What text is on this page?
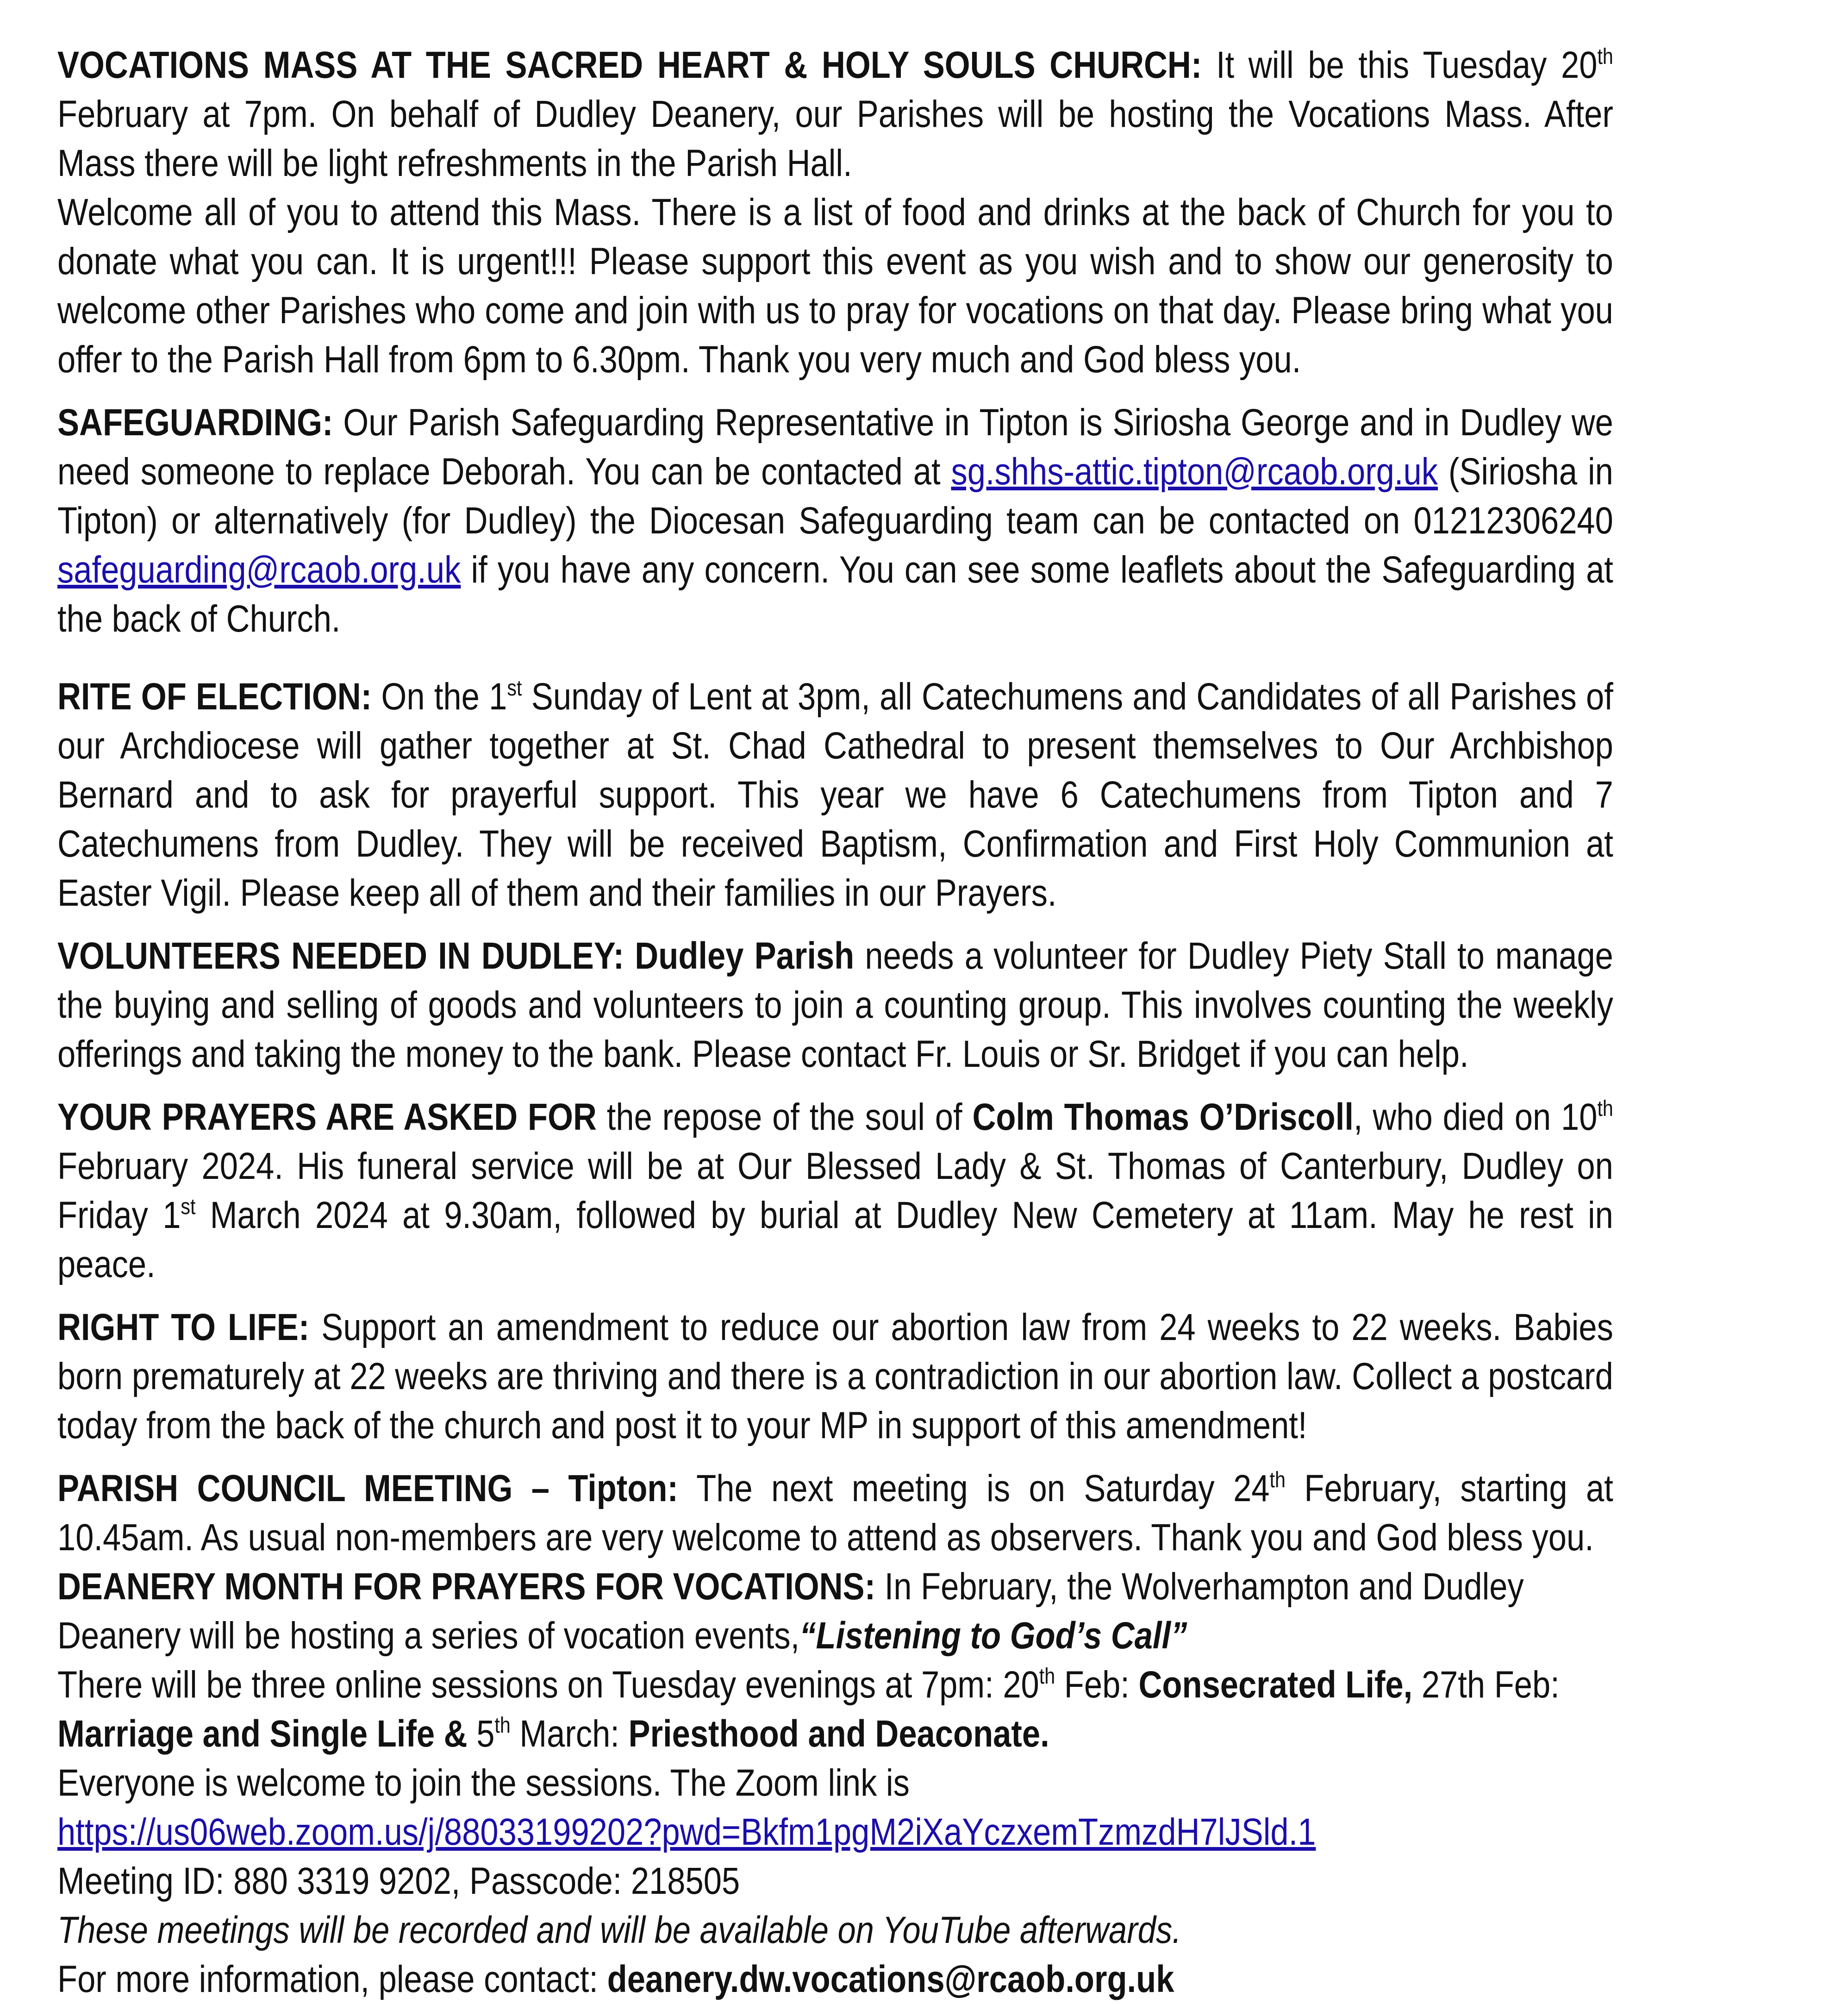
VOCATIONS MASS AT THE SACRED HEART & HOLY SOULS CHURCH: It will be this Tuesday 20th February at 7pm. On behalf of Dudley Deanery, our Parishes will be hosting the Vocations Mass. After Mass there will be light refreshments in the Parish Hall.

Welcome all of you to attend this Mass. There is a list of food and drinks at the back of Church for you to donate what you can. It is urgent!!! Please support this event as you wish and to show our generosity to welcome other Parishes who come and join with us to pray for vocations on that day. Please bring what you offer to the Parish Hall from 6pm to 6.30pm. Thank you very much and God bless you.

SAFEGUARDING: Our Parish Safeguarding Representative in Tipton is Siriosha George and in Dudley we need someone to replace Deborah. You can be contacted at sg.shhs-attic.tipton@rcaob.org.uk (Siriosha in Tipton) or alternatively (for Dudley) the Diocesan Safeguarding team can be contacted on 01212306240 safeguarding@rcaob.org.uk if you have any concern. You can see some leaflets about the Safeguarding at the back of Church.

RITE OF ELECTION: On the 1st Sunday of Lent at 3pm, all Catechumens and Candidates of all Parishes of our Archdiocese will gather together at St. Chad Cathedral to present themselves to Our Archbishop Bernard and to ask for prayerful support. This year we have 6 Catechumens from Tipton and 7 Catechumens from Dudley. They will be received Baptism, Confirmation and First Holy Communion at Easter Vigil. Please keep all of them and their families in our Prayers.

VOLUNTEERS NEEDED IN DUDLEY: Dudley Parish needs a volunteer for Dudley Piety Stall to manage the buying and selling of goods and volunteers to join a counting group. This involves counting the weekly offerings and taking the money to the bank. Please contact Fr. Louis or Sr. Bridget if you can help.

YOUR PRAYERS ARE ASKED FOR the repose of the soul of Colm Thomas O’Driscoll, who died on 10th February 2024. His funeral service will be at Our Blessed Lady & St. Thomas of Canterbury, Dudley on Friday 1st March 2024 at 9.30am, followed by burial at Dudley New Cemetery at 11am. May he rest in peace.

RIGHT TO LIFE: Support an amendment to reduce our abortion law from 24 weeks to 22 weeks. Babies born prematurely at 22 weeks are thriving and there is a contradiction in our abortion law. Collect a postcard today from the back of the church and post it to your MP in support of this amendment!

PARISH COUNCIL MEETING – Tipton: The next meeting is on Saturday 24th February, starting at 10.45am. As usual non-members are very welcome to attend as observers. Thank you and God bless you.

DEANERY MONTH FOR PRAYERS FOR VOCATIONS: In February, the Wolverhampton and Dudley Deanery will be hosting a series of vocation events,“Listening to God’s Call”
There will be three online sessions on Tuesday evenings at 7pm: 20th Feb: Consecrated Life, 27th Feb: Marriage and Single Life & 5th March: Priesthood and Deaconate.
Everyone is welcome to join the sessions. The Zoom link is
https://us06web.zoom.us/j/88033199202?pwd=Bkfm1pgM2iXaYczxemTzmzdH7lJSld.1
Meeting ID: 880 3319 9202, Passcode: 218505
These meetings will be recorded and will be available on YouTube afterwards.
For more information, please contact: deanery.dw.vocations@rcaob.org.uk
